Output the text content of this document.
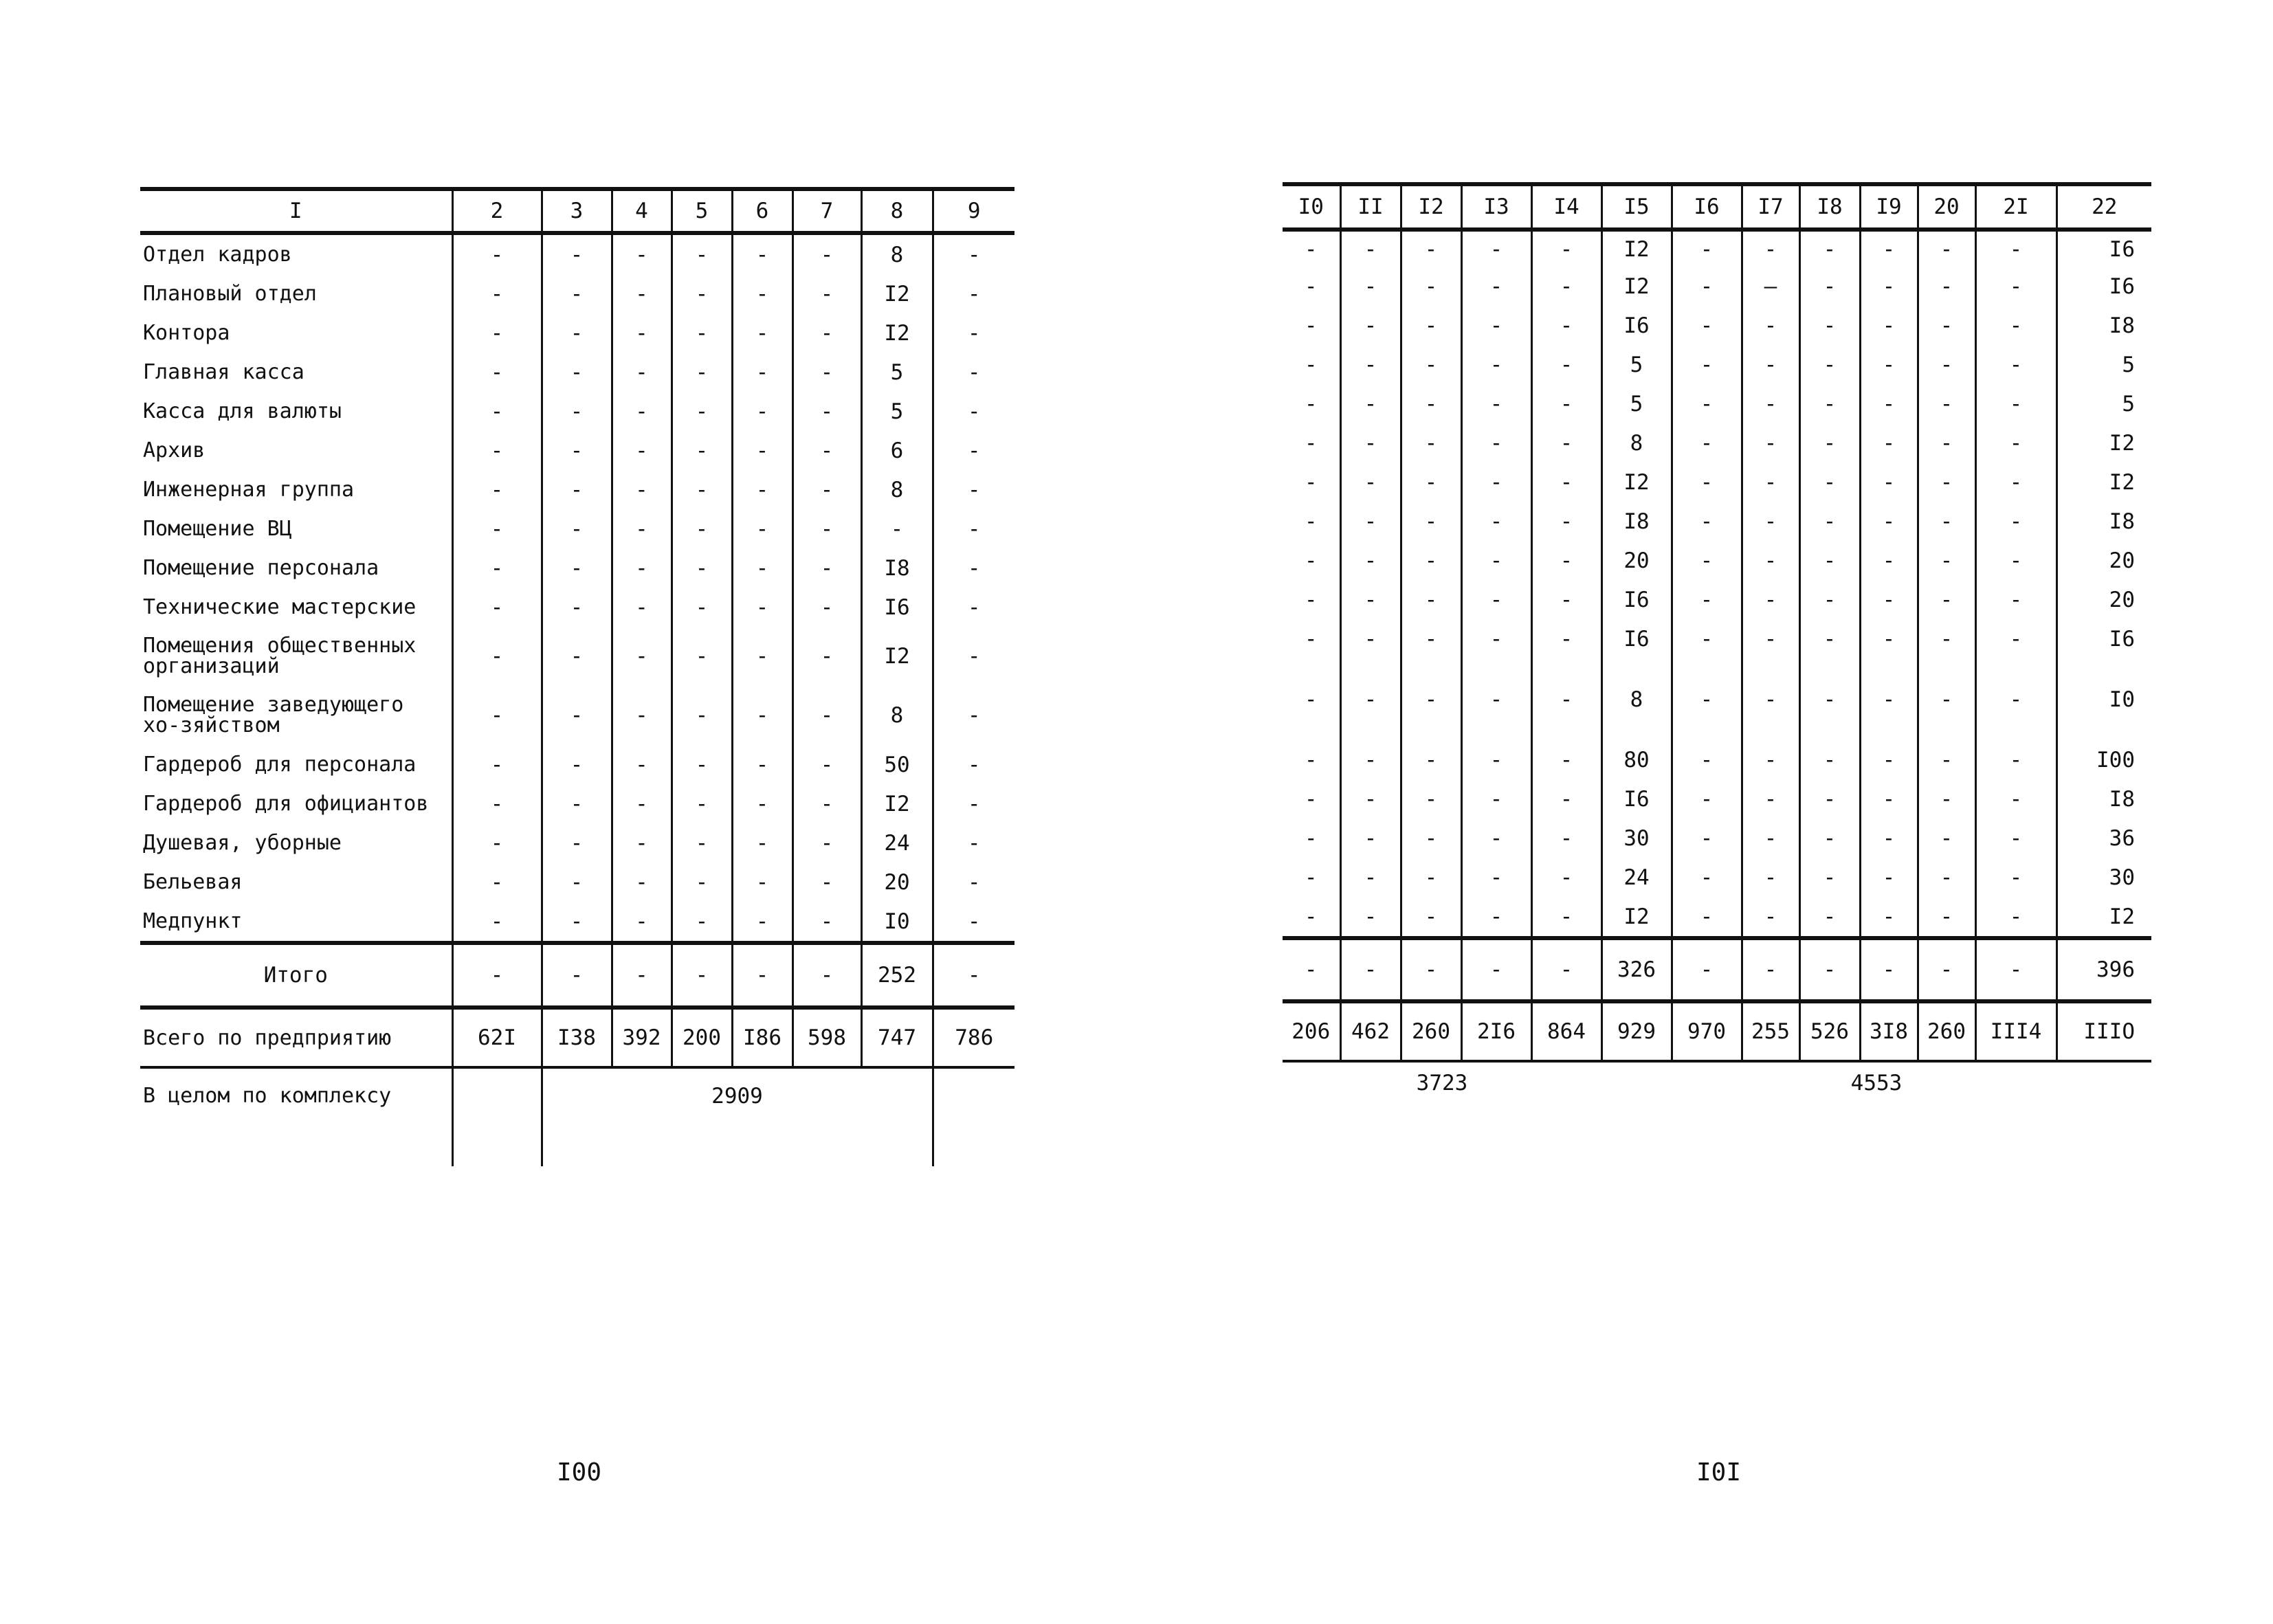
I	2	3	4	5	6	7	8	9
Отдел кадров	-	-	-	-	-	-	8	-
Плановый отдел	-	-	-	-	-	-	I2	-
Контора	-	-	-	-	-	-	I2	-
Главная касса	-	-	-	-	-	-	5	-
Касса для валюты	-	-	-	-	-	-	5	-
Архив	-	-	-	-	-	-	6	-
Инженерная группа	-	-	-	-	-	-	8	-
Помещение ВЦ	-	-	-	-	-	-	-	-
Помещение персонала	-	-	-	-	-	-	I8	-
Технические мастерские	-	-	-	-	-	-	I6	-
Помещения общественных организаций	-	-	-	-	-	-	I2	-
Помещение заведующего хо-зяйством	-	-	-	-	-	-	8	-
Гардероб для персонала	-	-	-	-	-	-	50	-
Гардероб для официантов	-	-	-	-	-	-	I2	-
Душевая, уборные	-	-	-	-	-	-	24	-
Бельевая	-	-	-	-	-	-	20	-
Медпункт	-	-	-	-	-	-	I0	-
Итого	-	-	-	-	-	-	252	-
Всего по предприятию	62I	I38	392	200	I86	598	747	786
В целом по комплексу		2909						
I0	II	I2	I3	I4	I5	I6	I7	I8	I9	20	2I	22
-	-	-	-	-	I2	-	-	-	-	-	-	I6
-	-	-	-	-	I2	-	—	-	-	-	-	I6
-	-	-	-	-	I6	-	-	-	-	-	-	I8
-	-	-	-	-	5	-	-	-	-	-	-	5
-	-	-	-	-	5	-	-	-	-	-	-	5
-	-	-	-	-	8	-	-	-	-	-	-	I2
-	-	-	-	-	I2	-	-	-	-	-	-	I2
-	-	-	-	-	I8	-	-	-	-	-	-	I8
-	-	-	-	-	20	-	-	-	-	-	-	20
-	-	-	-	-	I6	-	-	-	-	-	-	20
-	-	-	-	-	I6	-	-	-	-	-	-	I6
-	-	-	-	-	8	-	-	-	-	-	-	I0
-	-	-	-	-	80	-	-	-	-	-	-	I00
-	-	-	-	-	I6	-	-	-	-	-	-	I8
-	-	-	-	-	30	-	-	-	-	-	-	36
-	-	-	-	-	24	-	-	-	-	-	-	30
-	-	-	-	-	I2	-	-	-	-	-	-	I2
-	-	-	-	-	326	-	-	-	-	-	-	396
206	462	260	2I6	864	929	970	255	526	3I8	260	III4	IIIO
3723					4553							
I00	I0I
